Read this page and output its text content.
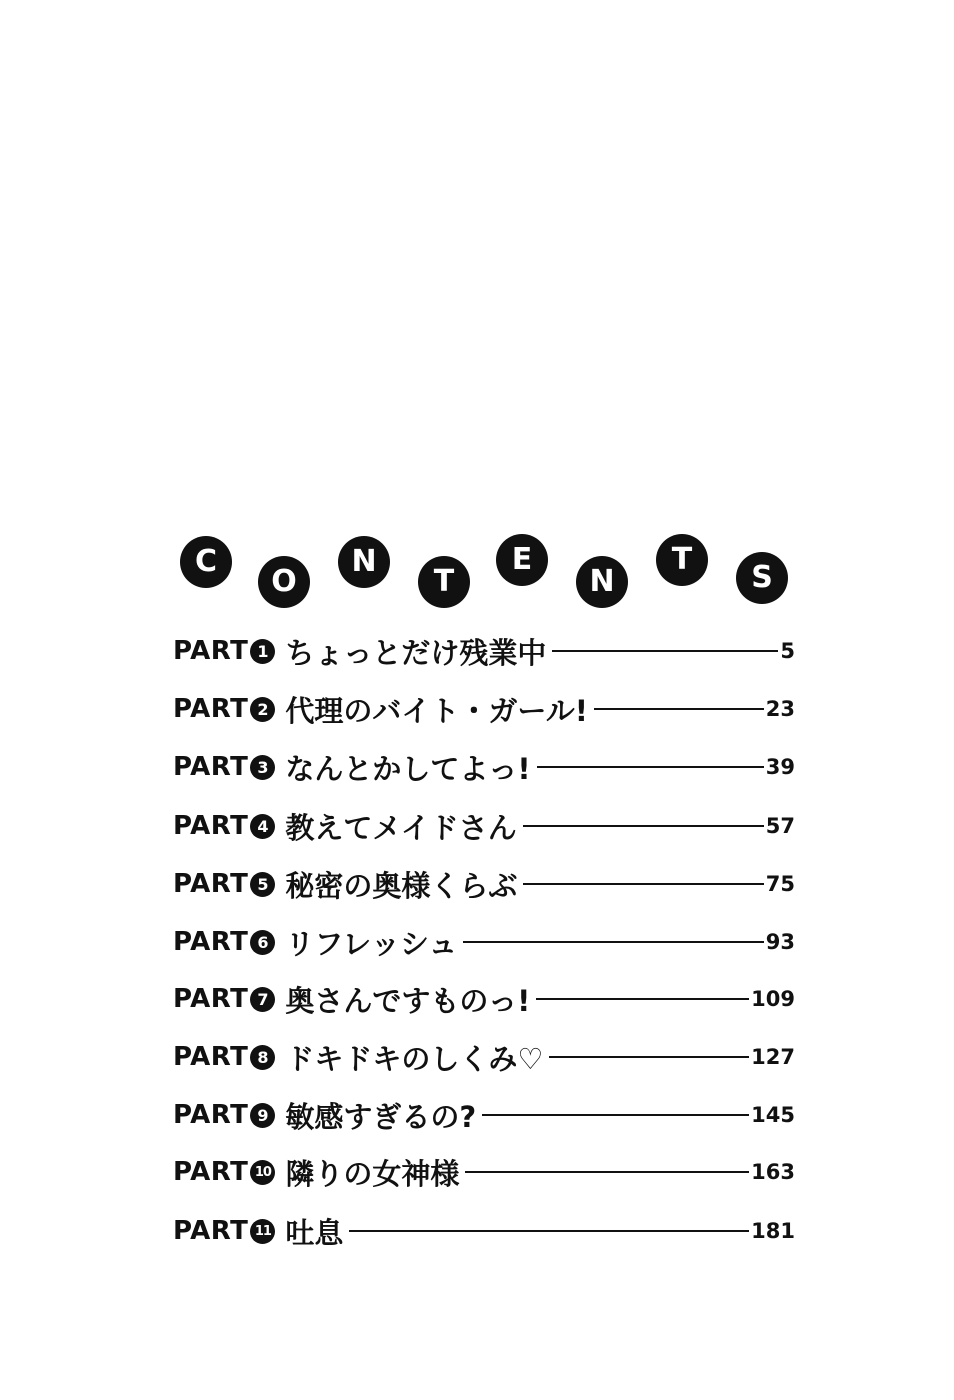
C
O
N
T
E
N
T
S
PART 1 ちょっとだけ残業中	5
PART 2 代理のバイト・ガール!	23
PART 3 なんとかしてよっ!	39
PART 4 教えてメイドさん	57
PART 5 秘密の奥様くらぶ	75
PART 6 リフレッシュ	93
PART 7 奥さんですものっ!	109
PART 8 ドキドキのしくみ♡	127
PART 9 敏感すぎるの?	145
PART 10 隣りの女神様	163
PART 11 吐息	181
